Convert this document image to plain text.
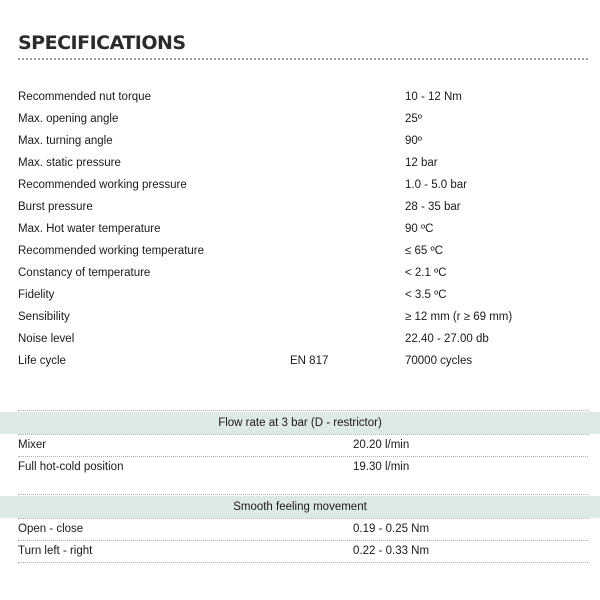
SPECIFICATIONS
Recommended nut torque	10 - 12 Nm
Max. opening angle	25º
Max. turning angle	90º
Max. static pressure	12 bar
Recommended working pressure	1.0 - 5.0 bar
Burst pressure	28 - 35 bar
Max. Hot water temperature	90 ºC
Recommended working temperature	≤ 65 ºC
Constancy of temperature	< 2.1 ºC
Fidelity	< 3.5 ºC
Sensibility	≥ 12 mm (r ≥ 69 mm)
Noise level	22.40 - 27.00 db
Life cycle	EN 817	70000 cycles
Flow rate at 3 bar (D - restrictor)
Mixer	20.20 l/min
Full hot-cold position	19.30 l/min
Smooth feeling movement
Open - close	0.19 - 0.25 Nm
Turn left - right	0.22 - 0.33 Nm
